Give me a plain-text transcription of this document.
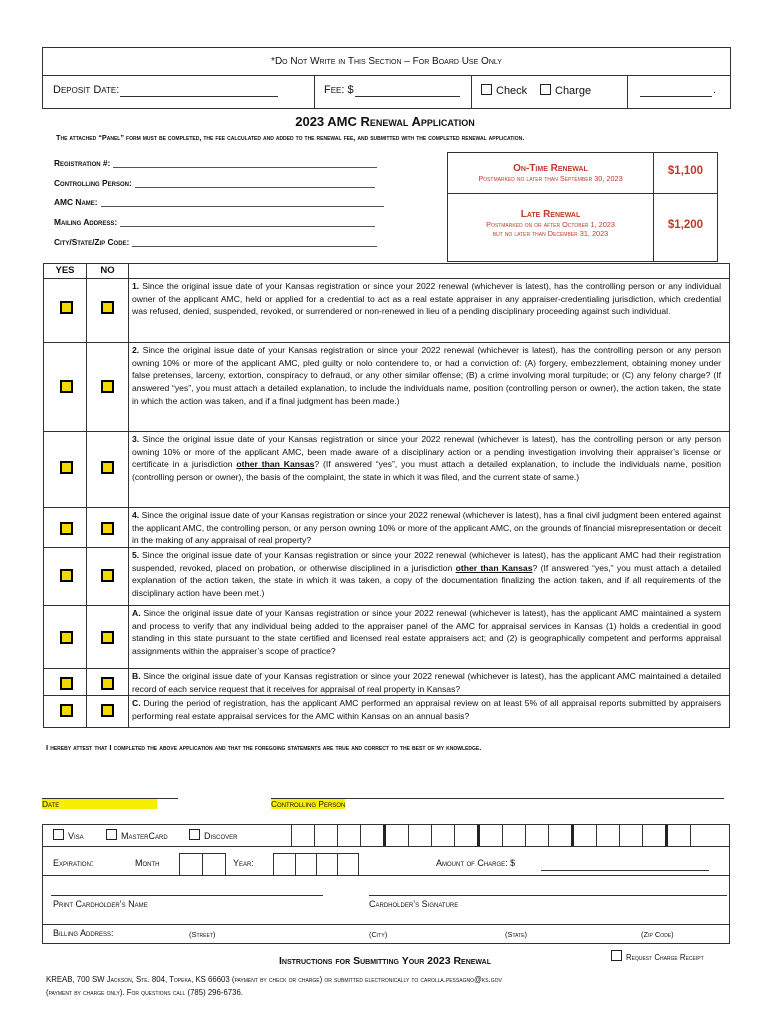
*Do Not Write in This Section – For Board Use Only
Deposit Date:	Fee: $	Check	Charge	.
2023 AMC Renewal Application
The attached “Panel” form must be completed, the fee calculated and added to the renewal fee, and submitted with the completed renewal application.
Registration #:
Controlling Person:
AMC Name:
Mailing Address:
City/State/Zip Code:
On-Time Renewal
Postmarked no later than September 30, 2023
$1,100
Late Renewal
Postmarked on or after October 1, 2023
but no later than December 31, 2023
$1,200
YES	NO
1. Since the original issue date of your Kansas registration or since your 2022 renewal (whichever is latest), has the controlling person or any individual owner of the applicant AMC, held or applied for a credential to act as a real estate appraiser in any appraiser-credentialing jurisdiction, which credential was refused, denied, suspended, revoked, or surrendered or non-renewed in lieu of a pending disciplinary proceeding against such individual.
2. Since the original issue date of your Kansas registration or since your 2022 renewal (whichever is latest), has the controlling person or any person owning 10% or more of the applicant AMC, pled guilty or nolo contendere to, or had a conviction of: (A) forgery, embezzlement, obtaining money under false pretenses, larceny, extortion, conspiracy to defraud, or any other similar offense; (B) a crime involving moral turpitude; or (C) any felony charge? (If answered “yes”, you must attach a detailed explanation, to include the individuals name, position (controlling person or owner), the action taken, the state in which the action was taken, and if a final judgment has been made.)
3. Since the original issue date of your Kansas registration or since your 2022 renewal (whichever is latest), has the controlling person or any person owning 10% or more of the applicant AMC, been made aware of a disciplinary action or a pending investigation involving their appraiser’s license or certificate in a jurisdiction other than Kansas? (If answered “yes”, you must attach a detailed explanation, to include the individuals name, position (controlling person or owner), the basis of the complaint, the state in which it was filed, and the current state of same.)
4. Since the original issue date of your Kansas registration or since your 2022 renewal (whichever is latest), has a final civil judgment been entered against the applicant AMC, the controlling person, or any person owning 10% or more of the applicant AMC, on the grounds of financial misrepresentation or deceit in the making of any appraisal of real property?
5. Since the original issue date of your Kansas registration or since your 2022 renewal (whichever is latest), has the applicant AMC had their registration suspended, revoked, placed on probation, or otherwise disciplined in a jurisdiction other than Kansas? (If answered “yes,” you must attach a detailed explanation of the action taken, the state in which it was taken, a copy of the documentation finalizing the action taken, and if all requirements of the disciplinary action have been met.)
A. Since the original issue date of your Kansas registration or since your 2022 renewal (whichever is latest), has the applicant AMC maintained a system and process to verify that any individual being added to the appraiser panel of the AMC for appraisal services in Kansas (1) holds a credential in good standing in this state pursuant to the state certified and licensed real estate appraisers act; and (2) is geographically competent and performs appraisal assignments within the appraiser’s scope of practice?
B. Since the original issue date of your Kansas registration or since your 2022 renewal (whichever is latest), has the applicant AMC maintained a detailed record of each service request that it receives for appraisal of real property in Kansas?
C. During the period of registration, has the applicant AMC performed an appraisal review on at least 5% of all appraisal reports submitted by appraisers performing real estate appraisal services for the AMC within Kansas on an annual basis?
I hereby attest that I completed the above application and that the foregoing statements are true and correct to the best of my knowledge.
Date	Controlling Person
Visa	MasterCard	Discover
Expiration:	Month	Year:	Amount of Charge: $
Print Cardholder’s Name	Cardholder’s Signature
Billing Address:	(Street)	(City)	(State)	(Zip Code)
Request Charge Receipt
Instructions for Submitting Your 2023 Renewal
KREAB, 700 SW Jackson, Ste. 804, Topeka, KS 66603 (payment by check or charge) or submitted electronically to carolla.pessagno@ks.gov
(payment by charge only). For questions call (785) 296-6736.
